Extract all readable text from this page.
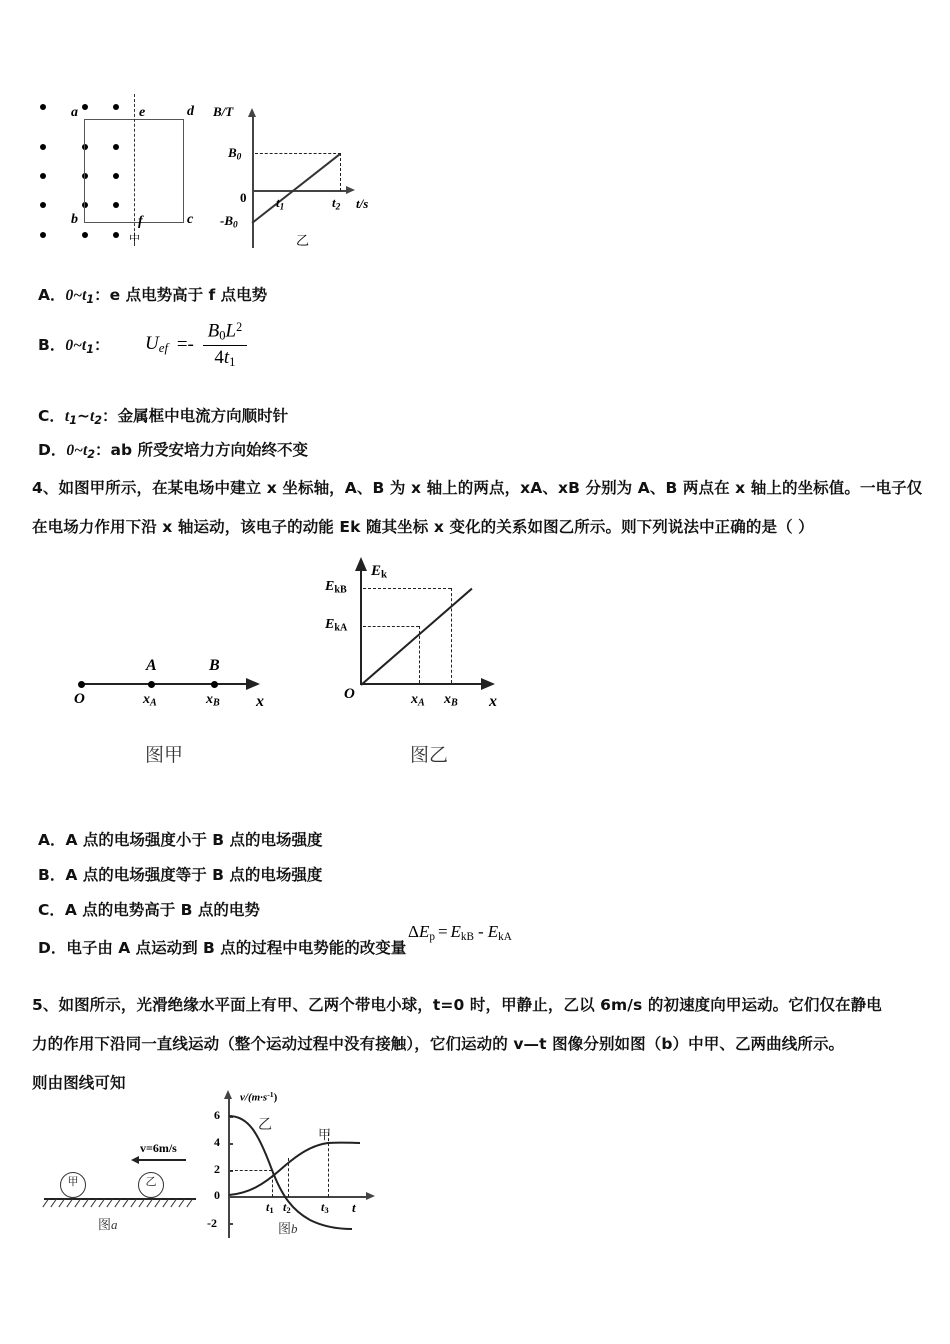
a	e	d
b	f	c
中
B/T
$B_0$
0
$-B_0$
$t_1$	$t_2$ t/s
乙
A．$0\sim t_1$：e 点电势高于 f 点电势
B．$0\sim t_1$： $U_{ef} =- \frac{B_0L^2}{4t_1}$
C．$t_1\sim t_2$：金属框中电流方向顺时针
D．$0\sim t_2$：ab 所受安培力方向始终不变
4、如图甲所示，在某电场中建立 x 坐标轴，A、B 为 x 轴上的两点，xA、xB 分别为 A、B 两点在 x 轴上的坐标值。一电子仅
在电场力作用下沿 x 轴运动，该电子的动能 Ek 随其坐标 x 变化的关系如图乙所示。则下列说法中正确的是（ ）
O
A	B
$x_A$	$x_B$ x
图甲
$E_k$
$E_{kB}$
$E_{kA}$
O	$x_A$ $x_B$ x
图乙
A．A 点的电场强度小于 B 点的电场强度
B．A 点的电场强度等于 B 点的电场强度
C．A 点的电势高于 B 点的电势
D．电子由 A 点运动到 B 点的过程中电势能的改变量
$\Delta E_p = E_{kB} - E_{kA}$
5、如图所示，光滑绝缘水平面上有甲、乙两个带电小球，t=0 时，甲静止，乙以 6m/s 的初速度向甲运动。它们仅在静电
力的作用下沿同一直线运动（整个运动过程中没有接触），它们运动的 v—t 图像分别如图（b）中甲、乙两曲线所示。
则由图线可知
甲	乙
v=6m/s
图a
6
4
2
0
-2
$v/(m\cdot s^{-1})$
乙
甲
$t_1$ $t_2$	$t_3$ t
图b
